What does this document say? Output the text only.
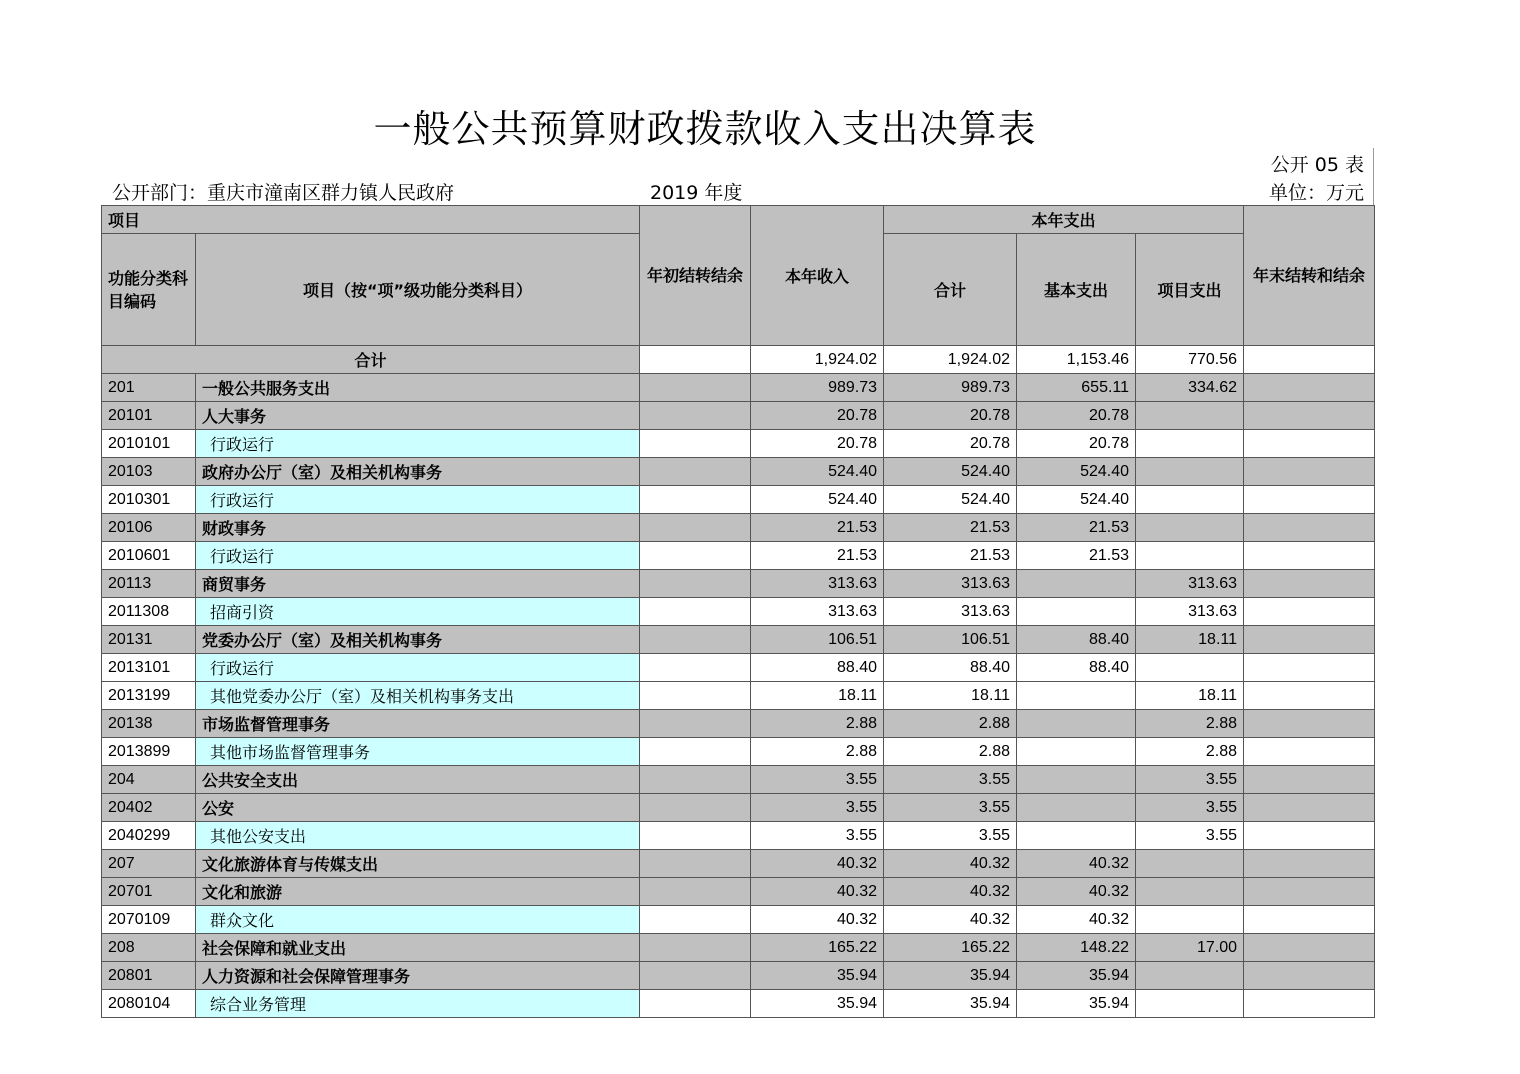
一般公共预算财政拨款收入支出决算表
公开 05 表
公开部门：重庆市潼南区群力镇人民政府	2019 年度	单位：万元
项目		年初结转结余	本年收入	本年支出			年末结转和结余
功能分类科目编码	项目（按“项”级功能分类科目）			合计	基本支出	项目支出	
合计			1,924.02	1,924.02	1,153.46	770.56	
201	一般公共服务支出		989.73	989.73	655.11	334.62	
20101	人大事务		20.78	20.78	20.78		
2010101	行政运行		20.78	20.78	20.78		
20103	政府办公厅（室）及相关机构事务		524.40	524.40	524.40		
2010301	行政运行		524.40	524.40	524.40		
20106	财政事务		21.53	21.53	21.53		
2010601	行政运行		21.53	21.53	21.53		
20113	商贸事务		313.63	313.63		313.63	
2011308	招商引资		313.63	313.63		313.63	
20131	党委办公厅（室）及相关机构事务		106.51	106.51	88.40	18.11	
2013101	行政运行		88.40	88.40	88.40		
2013199	其他党委办公厅（室）及相关机构事务支出		18.11	18.11		18.11	
20138	市场监督管理事务		2.88	2.88		2.88	
2013899	其他市场监督管理事务		2.88	2.88		2.88	
204	公共安全支出		3.55	3.55		3.55	
20402	公安		3.55	3.55		3.55	
2040299	其他公安支出		3.55	3.55		3.55	
207	文化旅游体育与传媒支出		40.32	40.32	40.32		
20701	文化和旅游		40.32	40.32	40.32		
2070109	群众文化		40.32	40.32	40.32		
208	社会保障和就业支出		165.22	165.22	148.22	17.00	
20801	人力资源和社会保障管理事务		35.94	35.94	35.94		
2080104	综合业务管理		35.94	35.94	35.94		
